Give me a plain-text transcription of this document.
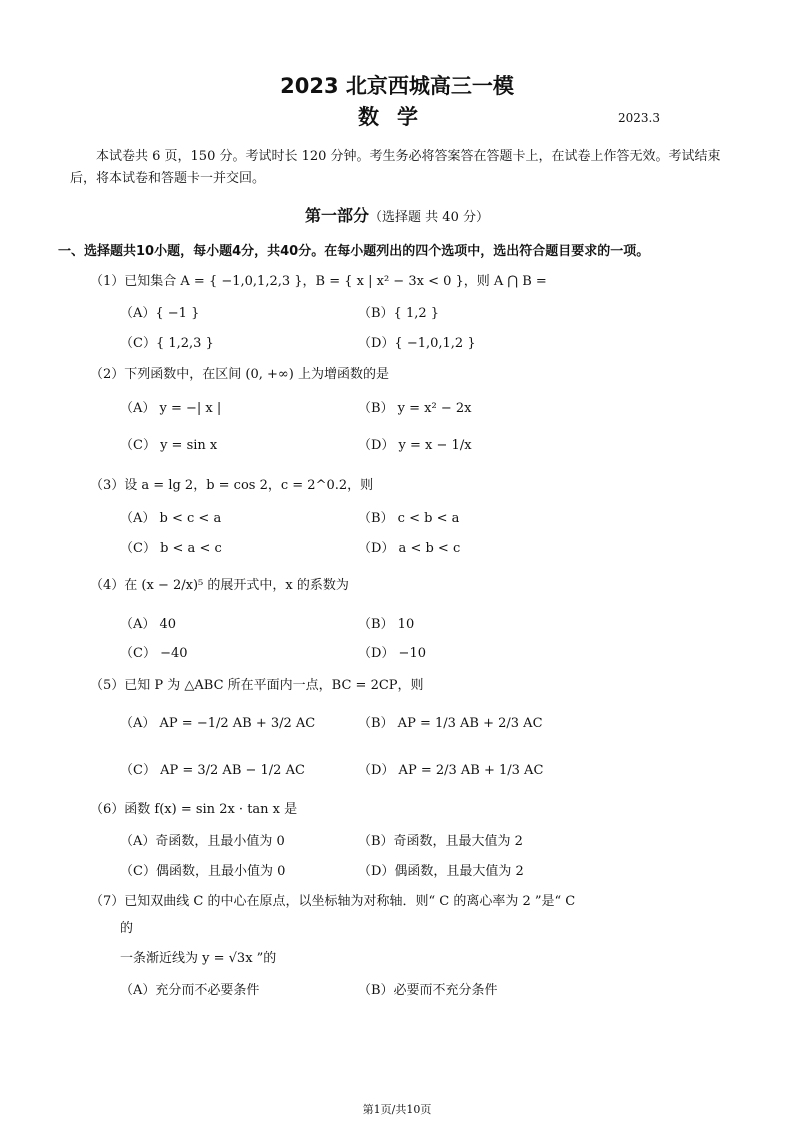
2023 北京西城高三一模
数学	2023.3
本试卷共 6 页，150 分。考试时长 120 分钟。考生务必将答案答在答题卡上，在试卷上作答无效。考试结束后，将本试卷和答题卡一并交回。
第一部分（选择题 共 40 分）
一、选择题共10小题，每小题4分，共40分。在每小题列出的四个选项中，选出符合题目要求的一项。
（1）已知集合 A = { −1,0,1,2,3 }，B = { x | x² − 3x < 0 }，则 A ⋂ B =
（A）{ −1 }	（B）{ 1,2 }
（C）{ 1,2,3 }	（D）{ −1,0,1,2 }
（2）下列函数中，在区间 (0, +∞) 上为增函数的是
（A） y = −| x |	（B） y = x² − 2x
（C） y = sin x	（D） y = x − 1/x
（3）设 a = lg 2，b = cos 2，c = 2^0.2，则
（A） b < c < a	（B） c < b < a
（C） b < a < c	（D） a < b < c
（4）在 (x − 2/x)⁵ 的展开式中，x 的系数为
（A） 40	（B） 10
（C） −40	（D） −10
（5）已知 P 为 △ABC 所在平面内一点，BC = 2CP，则
（A） AP = −1/2 AB + 3/2 AC	（B） AP = 1/3 AB + 2/3 AC
（C） AP = 3/2 AB − 1/2 AC	（D） AP = 2/3 AB + 1/3 AC
（6）函数 f(x) = sin 2x · tan x 是
（A）奇函数，且最小值为 0	（B）奇函数，且最大值为 2
（C）偶函数，且最小值为 0	（D）偶函数，且最大值为 2
（7）已知双曲线 C 的中心在原点，以坐标轴为对称轴．则“ C 的离心率为 2 ”是“ C
的
一条渐近线为 y = √3x ”的
（A）充分而不必要条件	（B）必要而不充分条件
第1页/共10页
